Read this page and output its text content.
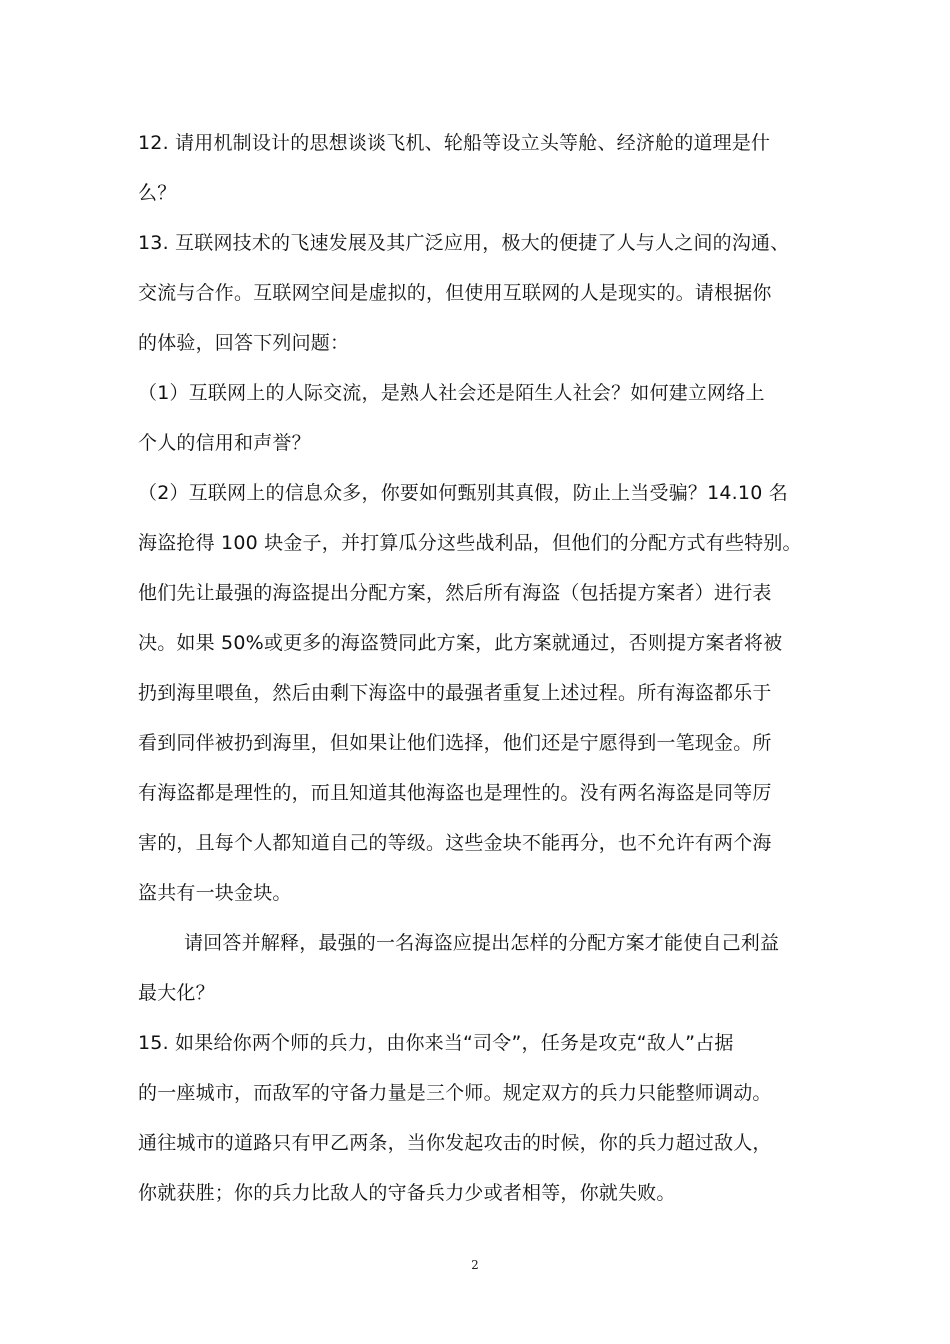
12. 请用机制设计的思想谈谈飞机、轮船等设立头等舱、经济舱的道理是什
么？
13. 互联网技术的飞速发展及其广泛应用，极大的便捷了人与人之间的沟通、
交流与合作。互联网空间是虚拟的，但使用互联网的人是现实的。请根据你
的体验，回答下列问题：
（1）互联网上的人际交流，是熟人社会还是陌生人社会？如何建立网络上
个人的信用和声誉？
（2）互联网上的信息众多，你要如何甄别其真假，防止上当受骗？14.10 名
海盗抢得 100 块金子，并打算瓜分这些战利品，但他们的分配方式有些特别。
他们先让最强的海盗提出分配方案，然后所有海盗（包括提方案者）进行表
决。如果 50%或更多的海盗赞同此方案，此方案就通过，否则提方案者将被
扔到海里喂鱼，然后由剩下海盗中的最强者重复上述过程。所有海盗都乐于
看到同伴被扔到海里，但如果让他们选择，他们还是宁愿得到一笔现金。所
有海盗都是理性的，而且知道其他海盗也是理性的。没有两名海盗是同等厉
害的，且每个人都知道自己的等级。这些金块不能再分，也不允许有两个海
盗共有一块金块。
请回答并解释，最强的一名海盗应提出怎样的分配方案才能使自己利益
最大化？
15. 如果给你两个师的兵力，由你来当“司令”，任务是攻克“敌人”占据
的一座城市，而敌军的守备力量是三个师。规定双方的兵力只能整师调动。
通往城市的道路只有甲乙两条，当你发起攻击的时候，你的兵力超过敌人，
你就获胜；你的兵力比敌人的守备兵力少或者相等，你就失败。
2
